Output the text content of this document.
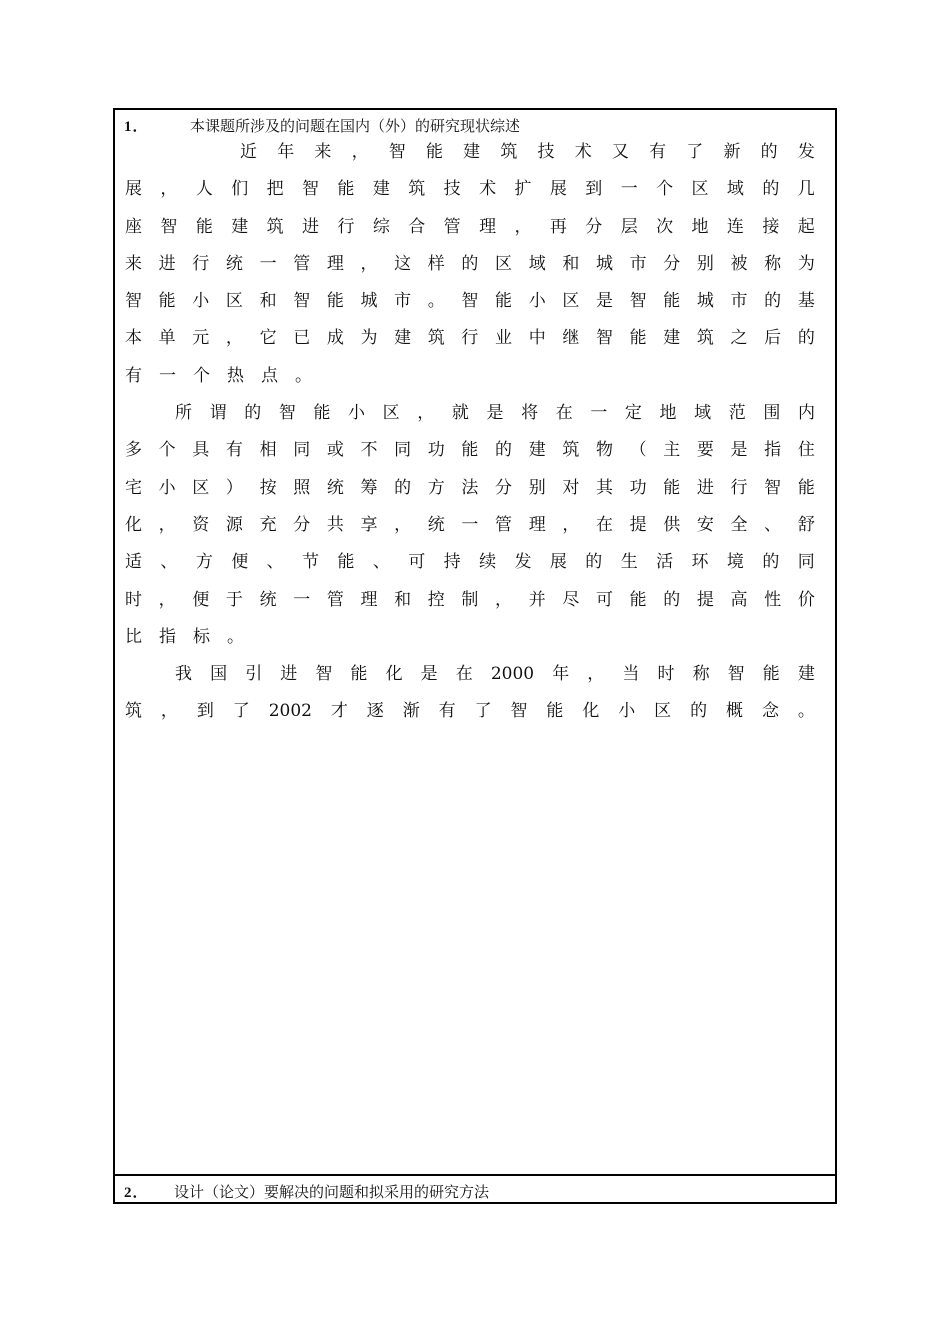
1．	本课题所涉及的问题在国内（外）的研究现状综述
近 年 来 ， 智 能 建 筑 技 术 又 有 了 新 的 发
展 ， 人 们 把 智 能 建 筑 技 术 扩 展 到 一 个 区 域 的 几
座 智 能 建 筑 进 行 综 合 管 理 ， 再 分 层 次 地 连 接 起
来 进 行 统 一 管 理 ， 这 样 的 区 域 和 城 市 分 别 被 称 为
智 能 小 区 和 智 能 城 市 。 智 能 小 区 是 智 能 城 市 的 基
本 单 元 ， 它 已 成 为 建 筑 行 业 中 继 智 能 建 筑 之 后 的
有 一 个 热 点 。
所 谓 的 智 能 小 区 ， 就 是 将 在 一 定 地 域 范 围 内
多 个 具 有 相 同 或 不 同 功 能 的 建 筑 物 （ 主 要 是 指 住
宅 小 区 ） 按 照 统 筹 的 方 法 分 别 对 其 功 能 进 行 智 能
化 ， 资 源 充 分 共 享 ， 统 一 管 理 ， 在 提 供 安 全 、 舒
适 、 方 便 、 节 能 、 可 持 续 发 展 的 生 活 环 境 的 同
时 ， 便 于 统 一 管 理 和 控 制 ， 并 尽 可 能 的 提 高 性 价
比 指 标 。
我 国 引 进 智 能 化 是 在 2000 年 ， 当 时 称 智 能 建
筑 ， 到 了 2002 才 逐 渐 有 了 智 能 化 小 区 的 概 念 。
2． 设计（论文）要解决的问题和拟采用的研究方法
